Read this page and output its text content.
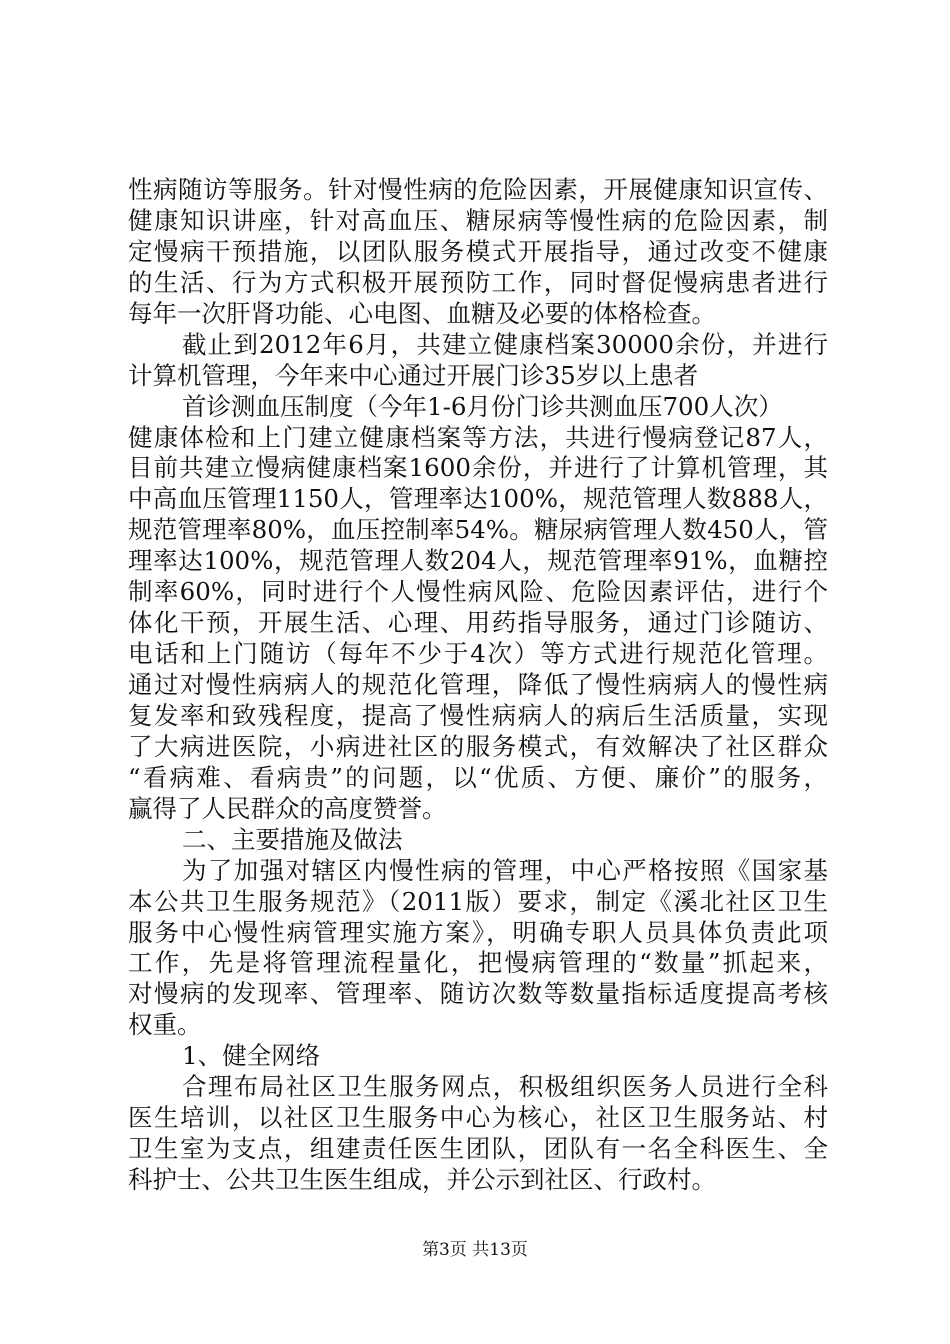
性病随访等服务。针对慢性病的危险因素，开展健康知识宣传、
健康知识讲座，针对高血压、糖尿病等慢性病的危险因素，制
定慢病干预措施，以团队服务模式开展指导，通过改变不健康
的生活、行为方式积极开展预防工作，同时督促慢病患者进行
每年一次肝肾功能、心电图、血糖及必要的体格检查。
截止到2012年6月，共建立健康档案30000余份，并进行
计算机管理，今年来中心通过开展门诊35岁以上患者
首诊测血压制度（今年1-6月份门诊共测血压700人次）
健康体检和上门建立健康档案等方法，共进行慢病登记87人，
目前共建立慢病健康档案1600余份，并进行了计算机管理，其
中高血压管理1150人，管理率达100%，规范管理人数888人，
规范管理率80%，血压控制率54%。糖尿病管理人数450人，管
理率达100%，规范管理人数204人，规范管理率91%，血糖控
制率60%，同时进行个人慢性病风险、危险因素评估，进行个
体化干预，开展生活、心理、用药指导服务，通过门诊随访、
电话和上门随访（每年不少于4次）等方式进行规范化管理。
通过对慢性病病人的规范化管理，降低了慢性病病人的慢性病
复发率和致残程度，提高了慢性病病人的病后生活质量，实现
了大病进医院，小病进社区的服务模式，有效解决了社区群众
“看病难、看病贵”的问题，以“优质、方便、廉价”的服务，
赢得了人民群众的高度赞誉。
二、主要措施及做法
为了加强对辖区内慢性病的管理，中心严格按照《国家基
本公共卫生服务规范》（2011版）要求，制定《溪北社区卫生
服务中心慢性病管理实施方案》，明确专职人员具体负责此项
工作，先是将管理流程量化，把慢病管理的“数量”抓起来，
对慢病的发现率、管理率、随访次数等数量指标适度提高考核
权重。
1、健全网络
合理布局社区卫生服务网点，积极组织医务人员进行全科
医生培训，以社区卫生服务中心为核心，社区卫生服务站、村
卫生室为支点，组建责任医生团队，团队有一名全科医生、全
科护士、公共卫生医生组成，并公示到社区、行政村。
第3页 共13页
